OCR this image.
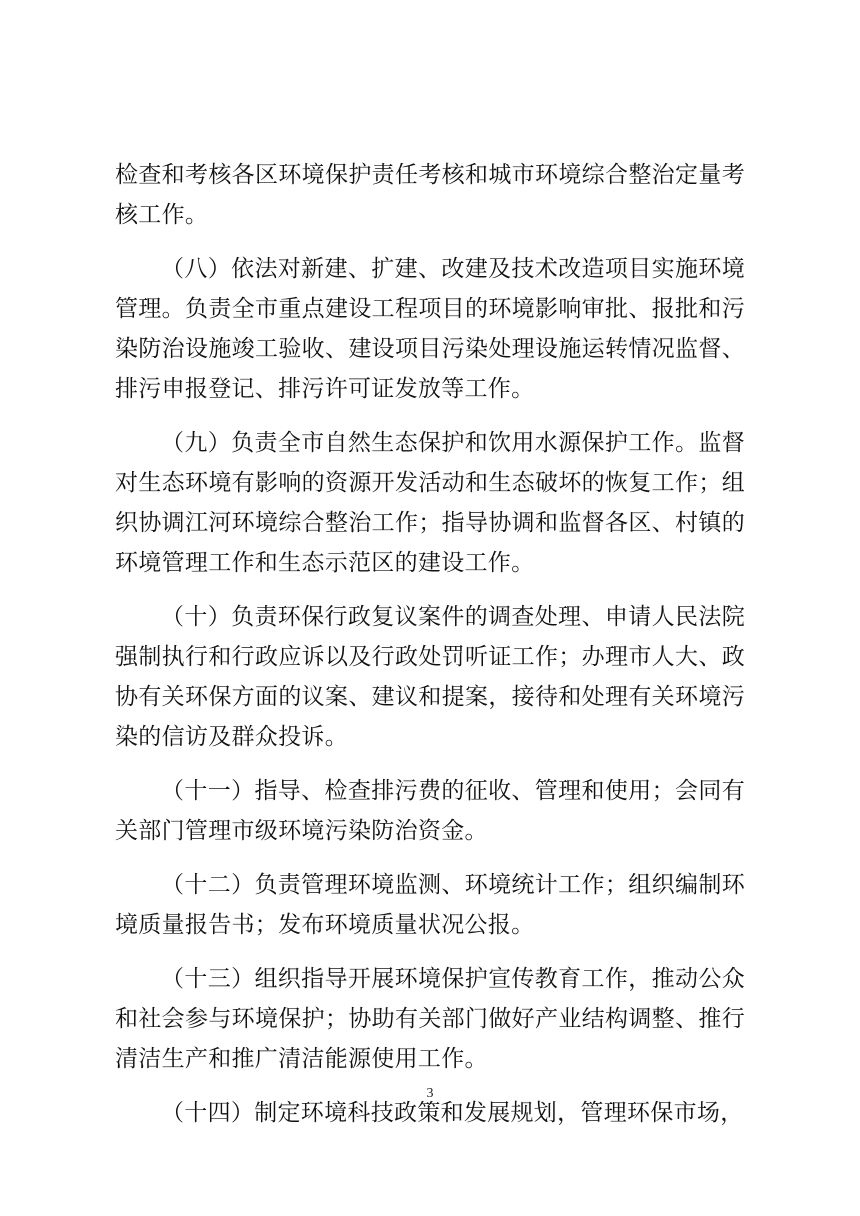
检查和考核各区环境保护责任考核和城市环境综合整治定量考核工作。

（八）依法对新建、扩建、改建及技术改造项目实施环境管理。负责全市重点建设工程项目的环境影响审批、报批和污染防治设施竣工验收、建设项目污染处理设施运转情况监督、排污申报登记、排污许可证发放等工作。

（九）负责全市自然生态保护和饮用水源保护工作。监督对生态环境有影响的资源开发活动和生态破坏的恢复工作；组织协调江河环境综合整治工作；指导协调和监督各区、村镇的环境管理工作和生态示范区的建设工作。

（十）负责环保行政复议案件的调查处理、申请人民法院强制执行和行政应诉以及行政处罚听证工作；办理市人大、政协有关环保方面的议案、建议和提案，接待和处理有关环境污染的信访及群众投诉。

（十一）指导、检查排污费的征收、管理和使用；会同有关部门管理市级环境污染防治资金。

（十二）负责管理环境监测、环境统计工作；组织编制环境质量报告书；发布环境质量状况公报。

（十三）组织指导开展环境保护宣传教育工作，推动公众和社会参与环境保护；协助有关部门做好产业结构调整、推行清洁生产和推广清洁能源使用工作。

（十四）制定环境科技政策和发展规划，管理环保市场，

3
